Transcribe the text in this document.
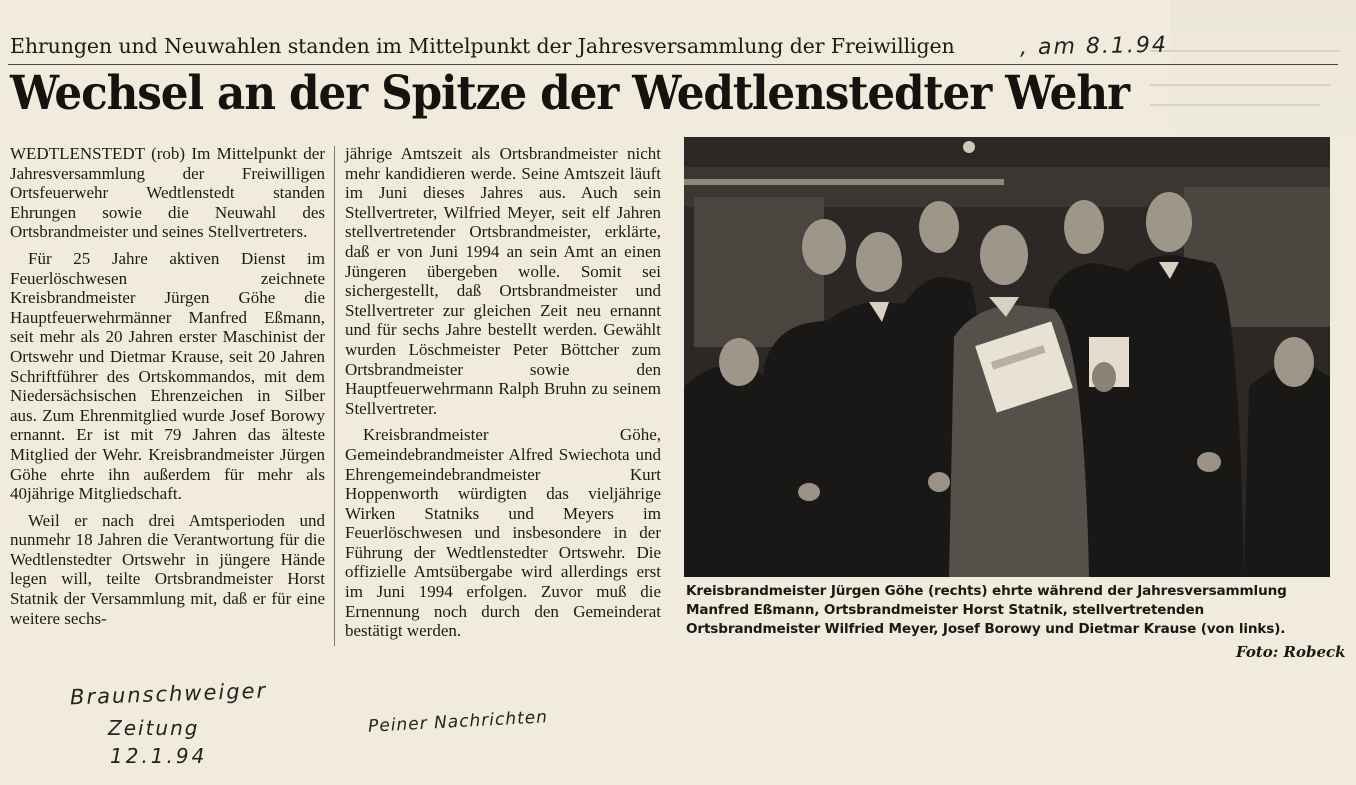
Ehrungen und Neuwahlen standen im Mittelpunkt der Jahresversammlung der Freiwilligen	, am 8.1.94
Wechsel an der Spitze der Wedtlenstedter Wehr

WEDTLENSTEDT (rob) Im Mittelpunkt der Jahresversammlung der Freiwilligen Ortsfeuerwehr Wedtlenstedt standen Ehrungen sowie die Neuwahl des Ortsbrandmeister und seines Stellvertreters.

Für 25 Jahre aktiven Dienst im Feuerlöschwesen zeichnete Kreisbrandmeister Jürgen Göhe die Hauptfeuerwehrmänner Manfred Eßmann, seit mehr als 20 Jahren erster Maschinist der Ortswehr und Dietmar Krause, seit 20 Jahren Schriftführer des Ortskommandos, mit dem Niedersächsischen Ehrenzeichen in Silber aus. Zum Ehrenmitglied wurde Josef Borowy ernannt. Er ist mit 79 Jahren das älteste Mitglied der Wehr. Kreisbrandmeister Jürgen Göhe ehrte ihn außerdem für mehr als 40jährige Mitgliedschaft.

Weil er nach drei Amtsperioden und nunmehr 18 Jahren die Verantwortung für die Wedtlenstedter Ortswehr in jüngere Hände legen will, teilte Ortsbrandmeister Horst Statnik der Versammlung mit, daß er für eine weitere sechs-

jährige Amtszeit als Ortsbrandmeister nicht mehr kandidieren werde. Seine Amtszeit läuft im Juni dieses Jahres aus. Auch sein Stellvertreter, Wilfried Meyer, seit elf Jahren stellvertretender Ortsbrandmeister, erklärte, daß er von Juni 1994 an sein Amt an einen Jüngeren übergeben wolle. Somit sei sichergestellt, daß Ortsbrandmeister und Stellvertreter zur gleichen Zeit neu ernannt und für sechs Jahre bestellt werden. Gewählt wurden Löschmeister Peter Böttcher zum Ortsbrandmeister sowie den Hauptfeuerwehrmann Ralph Bruhn zu seinem Stellvertreter.

Kreisbrandmeister Göhe, Gemeindebrandmeister Alfred Swiechota und Ehrengemeindebrandmeister Kurt Hoppenworth würdigten das vieljährige Wirken Statniks und Meyers im Feuerlöschwesen und insbesondere in der Führung der Wedtlenstedter Ortswehr. Die offizielle Amtsübergabe wird allerdings erst im Juni 1994 erfolgen. Zuvor muß die Ernennung noch durch den Gemeinderat bestätigt werden.

Kreisbrandmeister Jürgen Göhe (rechts) ehrte während der Jahresversammlung Manfred Eßmann, Ortsbrandmeister Horst Statnik, stellvertretenden Ortsbrandmeister Wilfried Meyer, Josef Borowy und Dietmar Krause (von links).
Foto: Robeck
Braunschweiger
Zeitung
12.1.94
Peiner Nachrichten
